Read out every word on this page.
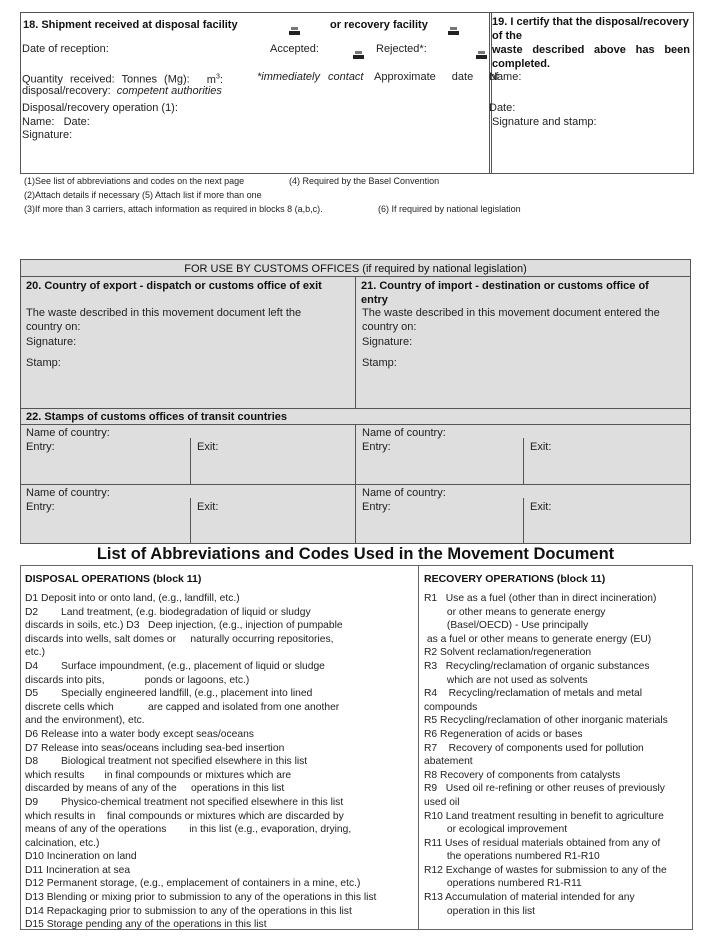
18. Shipment received at disposal facility
	or recovery facility

Date of reception:	Accepted:
	Rejected*:
Quantity received: Tonnes (Mg): $m^3$:	*immediately contact Approximate date of
disposal/recovery: competent authorities
Disposal/recovery operation (1):
Name:   Date:
Signature:
19. I certify that the disposal/recovery
of the
waste described above has been
completed.
Name:
Date:
Signature and stamp:
(1)See list of abbreviations and codes on the next page	(4) Required by the Basel Convention
(2)Attach details if necessary (5) Attach list if more than one
(3)If more than 3 carriers, attach information as required in blocks 8 (a,b,c).	(6) If required by national legislation
FOR USE BY CUSTOMS OFFICES (if required by national legislation)
20. Country of export - dispatch or customs office of exit
The waste described in this movement document left the
country on:
Signature:
Stamp:
21. Country of import - destination or customs office of
entry
The waste described in this movement document entered the
country on:
Signature:
Stamp:
22. Stamps of customs offices of transit countries
Name of country:
Entry:	Exit:
Name of country:
Entry:	Exit:
Name of country:
Entry:	Exit:
Name of country:
Entry:	Exit:
List of Abbreviations and Codes Used in the Movement Document
DISPOSAL OPERATIONS (block 11)
D1 Deposit into or onto land, (e.g., landfill, etc.)
D2        Land treatment, (e.g. biodegradation of liquid or sludgy
discards in soils, etc.) D3   Deep injection, (e.g., injection of pumpable
discards into wells, salt domes or     naturally occurring repositories,
etc.)
D4        Surface impoundment, (e.g., placement of liquid or sludge
discards into pits,              ponds or lagoons, etc.)
D5        Specially engineered landfill, (e.g., placement into lined
discrete cells which            are capped and isolated from one another
and the environment), etc.
D6 Release into a water body except seas/oceans
D7 Release into seas/oceans including sea-bed insertion
D8        Biological treatment not specified elsewhere in this list
which results       in final compounds or mixtures which are
discarded by means of any of the     operations in this list
D9        Physico-chemical treatment not specified elsewhere in this list
which results in    final compounds or mixtures which are discarded by
means of any of the operations        in this list (e.g., evaporation, drying,
calcination, etc.)
D10 Incineration on land
D11 Incineration at sea
D12 Permanent storage, (e.g., emplacement of containers in a mine, etc.)
D13 Blending or mixing prior to submission to any of the operations in this list
D14 Repackaging prior to submission to any of the operations in this list
D15 Storage pending any of the operations in this list
RECOVERY OPERATIONS (block 11)
R1   Use as a fuel (other than in direct incineration)
or other means to generate energy
(Basel/OECD) - Use principally
as a fuel or other means to generate energy (EU)
R2 Solvent reclamation/regeneration
R3   Recycling/reclamation of organic substances
which are not used as solvents
R4    Recycling/reclamation of metals and metal
compounds
R5 Recycling/reclamation of other inorganic materials
R6 Regeneration of acids or bases
R7    Recovery of components used for pollution
abatement
R8 Recovery of components from catalysts
R9   Used oil re-refining or other reuses of previously
used oil
R10 Land treatment resulting in benefit to agriculture
or ecological improvement
R11 Uses of residual materials obtained from any of
the operations numbered R1-R10
R12 Exchange of wastes for submission to any of the
operations numbered R1-R11
R13 Accumulation of material intended for any
operation in this list
